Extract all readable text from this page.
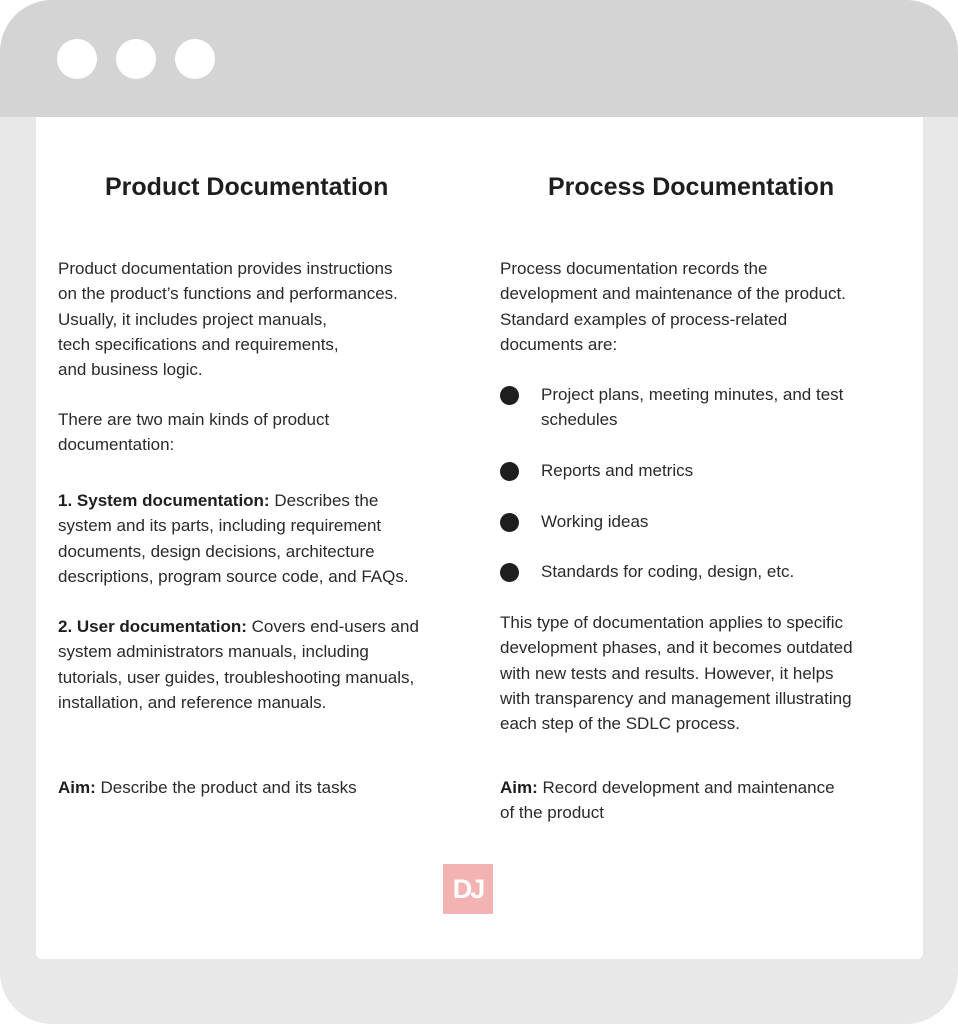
Product Documentation

Product documentation provides instructions
on the product’s functions and performances.
Usually, it includes project manuals,
tech specifications and requirements,
and business logic.

There are two main kinds of product
documentation:

1. System documentation: Describes the
system and its parts, including requirement
documents, design decisions, architecture
descriptions, program source code, and FAQs.

2. User documentation: Covers end-users and
system administrators manuals, including
tutorials, user guides, troubleshooting manuals,
installation, and reference manuals.

Aim: Describe the product and its tasks

Process Documentation

Process documentation records the
development and maintenance of the product.
Standard examples of process-related
documents are:

Project plans, meeting minutes, and test
schedules
Reports and metrics
Working ideas
Standards for coding, design, etc.

This type of documentation applies to specific
development phases, and it becomes outdated
with new tests and results. However, it helps
with transparency and management illustrating
each step of the SDLC process.

Aim: Record development and maintenance
of the product

DJ
